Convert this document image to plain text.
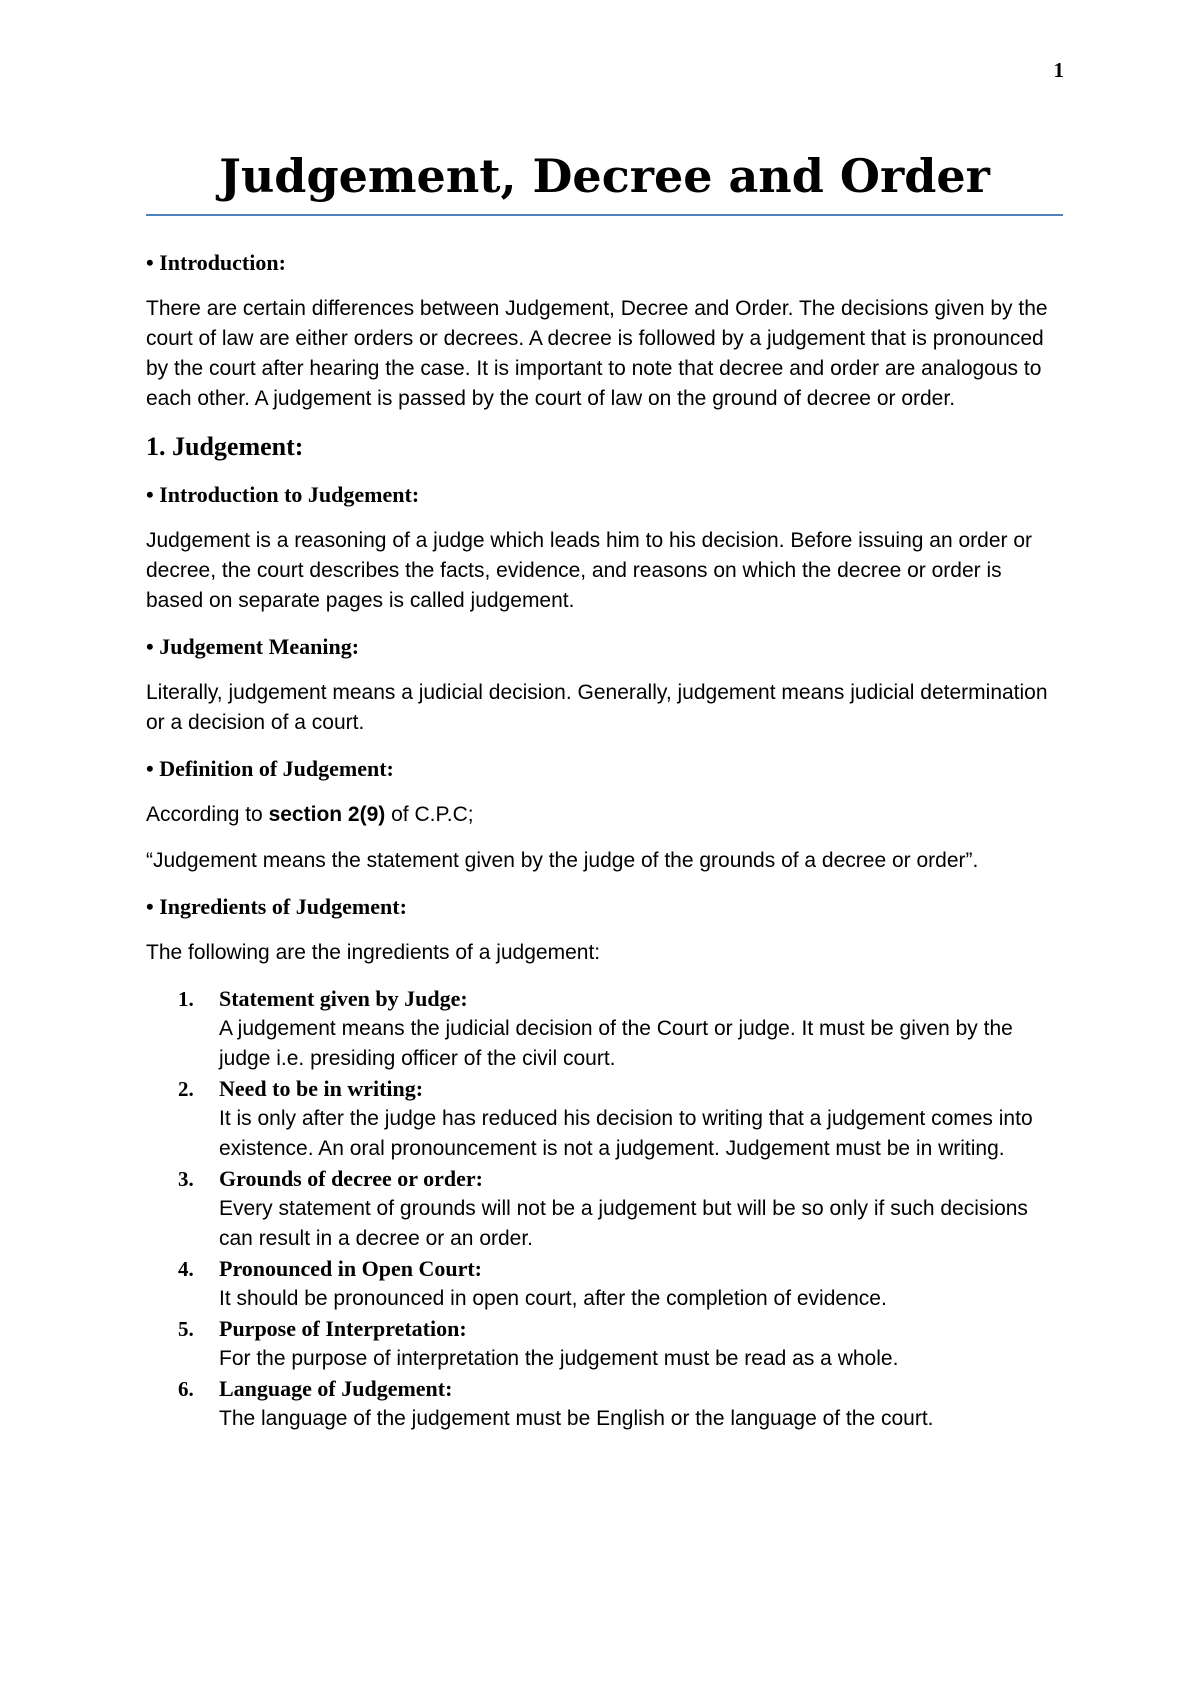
1
Judgement, Decree and Order

• Introduction:

There are certain differences between Judgement, Decree and Order. The decisions given by the court of law are either orders or decrees. A decree is followed by a judgement that is pronounced by the court after hearing the case. It is important to note that decree and order are analogous to each other. A judgement is passed by the court of law on the ground of decree or order.

1. Judgement:

• Introduction to Judgement:

Judgement is a reasoning of a judge which leads him to his decision. Before issuing an order or decree, the court describes the facts, evidence, and reasons on which the decree or order is based on separate pages is called judgement.

• Judgement Meaning:

Literally, judgement means a judicial decision. Generally, judgement means judicial determination or a decision of a court.

• Definition of Judgement:

According to section 2(9) of C.P.C;

“Judgement means the statement given by the judge of the grounds of a decree or order”.

• Ingredients of Judgement:

The following are the ingredients of a judgement:

1. Statement given by Judge:
A judgement means the judicial decision of the Court or judge. It must be given by the judge i.e. presiding officer of the civil court.
2. Need to be in writing:
It is only after the judge has reduced his decision to writing that a judgement comes into existence. An oral pronouncement is not a judgement. Judgement must be in writing.
3. Grounds of decree or order:
Every statement of grounds will not be a judgement but will be so only if such decisions can result in a decree or an order.
4. Pronounced in Open Court:
It should be pronounced in open court, after the completion of evidence.
5. Purpose of Interpretation:
For the purpose of interpretation the judgement must be read as a whole.
6. Language of Judgement:
The language of the judgement must be English or the language of the court.
